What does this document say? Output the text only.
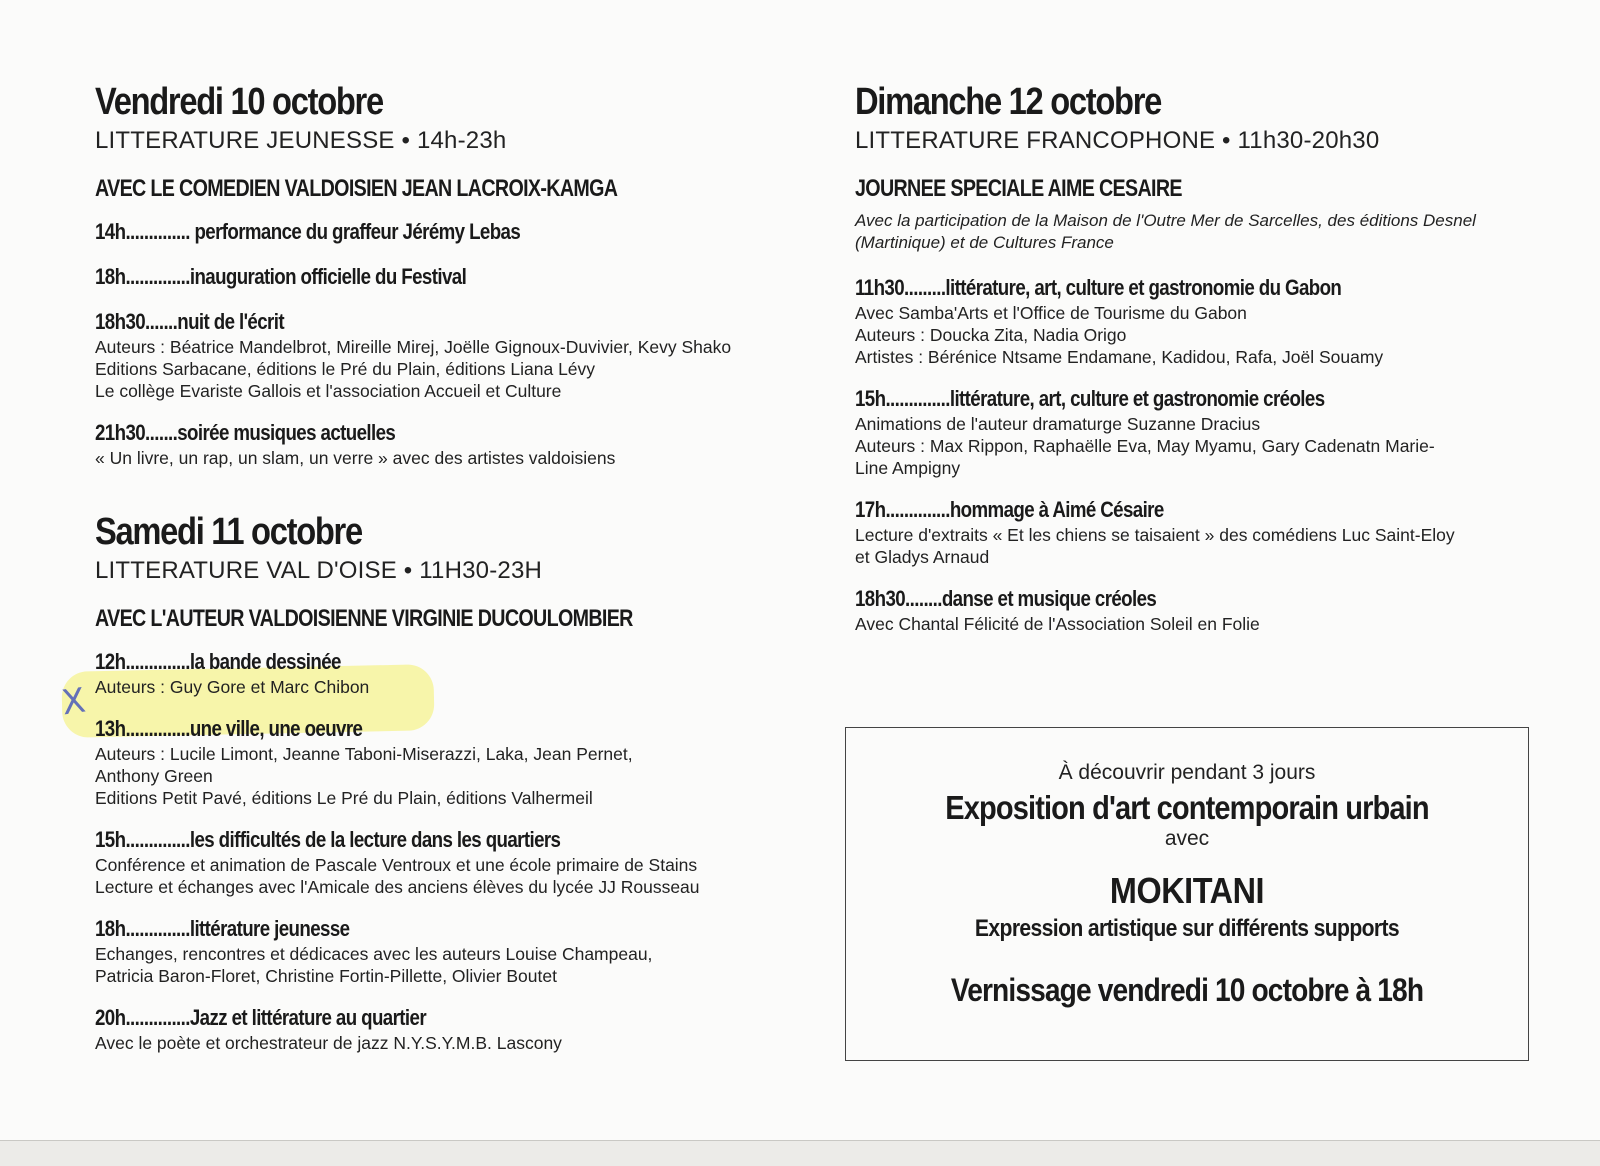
X
Vendredi 10 octobre

LITTERATURE JEUNESSE • 14h-23h

AVEC LE COMEDIEN VALDOISIEN JEAN LACROIX-KAMGA
14h.............. performance du graffeur Jérémy Lebas
18h..............inauguration officielle du Festival
18h30.......nuit de l'écrit

Auteurs : Béatrice Mandelbrot, Mireille Mirej, Joëlle Gignoux-Duvivier, Kevy Shako

Editions Sarbacane, éditions le Pré du Plain, éditions Liana Lévy

Le collège Evariste Gallois et l'association Accueil et Culture

21h30.......soirée musiques actuelles

« Un livre, un rap, un slam, un verre » avec des artistes valdoisiens

Samedi 11 octobre

LITTERATURE VAL D'OISE • 11H30-23H

AVEC L'AUTEUR VALDOISIENNE VIRGINIE DUCOULOMBIER
12h..............la bande dessinée

Auteurs : Guy Gore et Marc Chibon

13h..............une ville, une oeuvre

Auteurs : Lucile Limont, Jeanne Taboni-Miserazzi, Laka, Jean Pernet,

Anthony Green

Editions Petit Pavé, éditions Le Pré du Plain, éditions Valhermeil

15h..............les difficultés de la lecture dans les quartiers

Conférence et animation de Pascale Ventroux et une école primaire de Stains

Lecture et échanges avec l'Amicale des anciens élèves du lycée JJ Rousseau

18h..............littérature jeunesse

Echanges, rencontres et dédicaces avec les auteurs Louise Champeau,

Patricia Baron-Floret, Christine Fortin-Pillette, Olivier Boutet

20h..............Jazz et littérature au quartier

Avec le poète et orchestrateur de jazz N.Y.S.Y.M.B. Lascony

Dimanche 12 octobre

LITTERATURE FRANCOPHONE • 11h30-20h30

JOURNEE SPECIALE AIME CESAIRE

Avec la participation de la Maison de l'Outre Mer de Sarcelles, des éditions Desnel (Martinique) et de Cultures France

11h30.........littérature, art, culture et gastronomie du Gabon

Avec Samba'Arts et l'Office de Tourisme du Gabon

Auteurs : Doucka Zita, Nadia Origo

Artistes : Bérénice Ntsame Endamane, Kadidou, Rafa, Joël Souamy

15h..............littérature, art, culture et gastronomie créoles

Animations de l'auteur dramaturge Suzanne Dracius

Auteurs : Max Rippon, Raphaëlle Eva, May Myamu, Gary Cadenatn Marie-

Line Ampigny

17h..............hommage à Aimé Césaire

Lecture d'extraits « Et les chiens se taisaient » des comédiens Luc Saint-Eloy

et Gladys Arnaud

18h30........danse et musique créoles

Avec Chantal Félicité de l'Association Soleil en Folie

À découvrir pendant 3 jours
Exposition d'art contemporain urbain
avec
MOKITANI
Expression artistique sur différents supports
Vernissage vendredi 10 octobre à 18h
